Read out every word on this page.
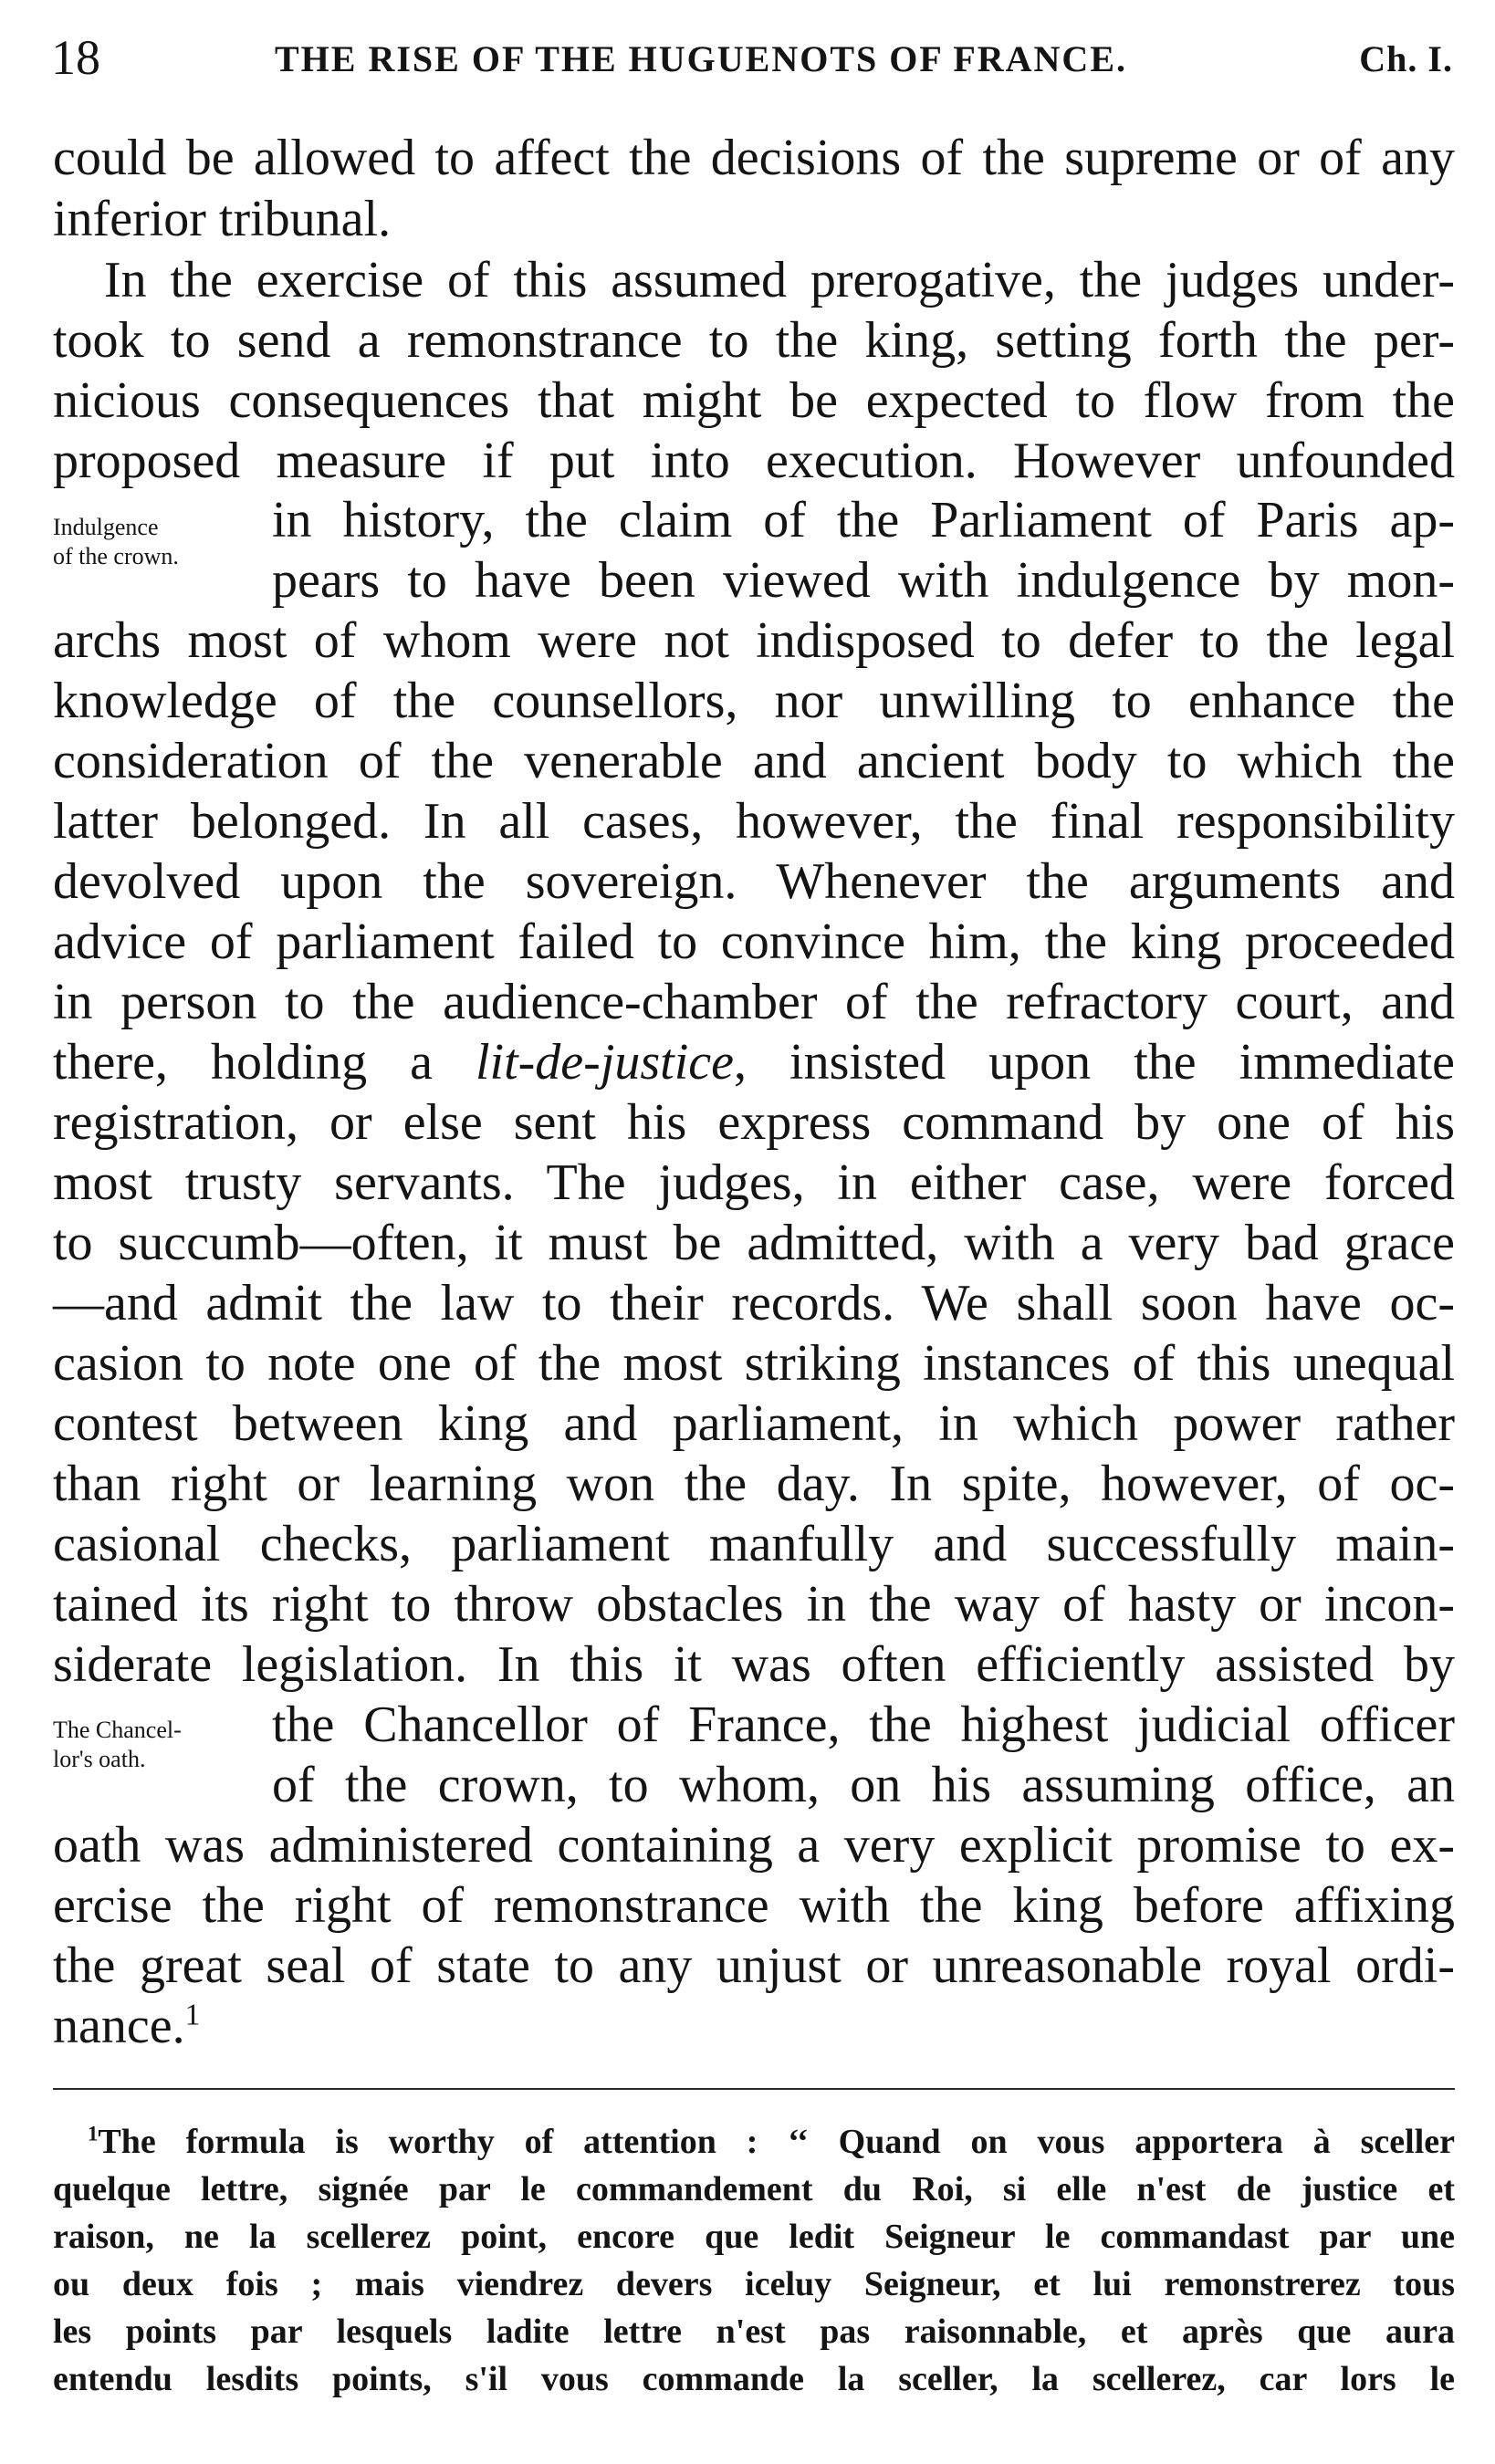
18	THE RISE OF THE HUGUENOTS OF FRANCE.	Ch. I.
could be allowed to affect the decisions of the supreme or of any
inferior tribunal.
In the exercise of this assumed prerogative, the judges under-
took to send a remonstrance to the king, setting forth the per-
nicious consequences that might be expected to flow from the
proposed measure if put into execution. However unfounded
in history, the claim of the Parliament of Paris ap-
pears to have been viewed with indulgence by mon-
archs most of whom were not indisposed to defer to the legal
knowledge of the counsellors, nor unwilling to enhance the
consideration of the venerable and ancient body to which the
latter belonged. In all cases, however, the final responsibility
devolved upon the sovereign. Whenever the arguments and
advice of parliament failed to convince him, the king proceeded
in person to the audience-chamber of the refractory court, and
there, holding a lit-de-justice, insisted upon the immediate
registration, or else sent his express command by one of his
most trusty servants. The judges, in either case, were forced
to succumb—often, it must be admitted, with a very bad grace
—and admit the law to their records. We shall soon have oc-
casion to note one of the most striking instances of this unequal
contest between king and parliament, in which power rather
than right or learning won the day. In spite, however, of oc-
casional checks, parliament manfully and successfully main-
tained its right to throw obstacles in the way of hasty or incon-
siderate legislation. In this it was often efficiently assisted by
the Chancellor of France, the highest judicial officer
of the crown, to whom, on his assuming office, an
oath was administered containing a very explicit promise to ex-
ercise the right of remonstrance with the king before affixing
the great seal of state to any unjust or unreasonable royal ordi-
nance.$^1$
Indulgence
of the crown.
The Chancel-
lor's oath.
$^1$The formula is worthy of attention : ‘‘ Quand on vous apportera à sceller
quelque lettre, signée par le commandement du Roi, si elle n'est de justice et
raison, ne la scellerez point, encore que ledit Seigneur le commandast par une
ou deux fois ; mais viendrez devers iceluy Seigneur, et lui remonstrerez tous
les points par lesquels ladite lettre n'est pas raisonnable, et après que aura
entendu lesdits points, s'il vous commande la sceller, la scellerez, car lors le
